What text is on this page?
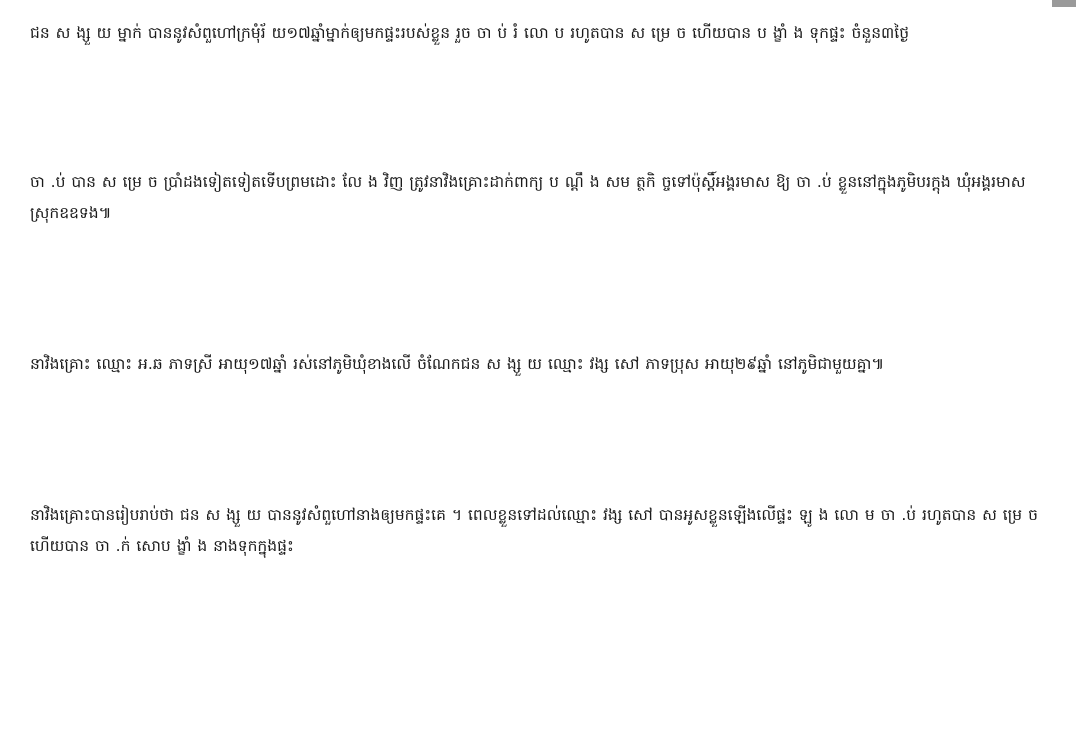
ជន ស ង្សួ យ ម្នាក់ បាននូវសំពួហៅក្រមុំរ័ យ១៧ឆ្នាំម្នាក់ឲ្យមកផ្ទះរបស់ខ្លួន រួច ចា ប់ រំ លោ ប រហូតបាន ស ម្រេ ច ហើយបាន ប ង្ខាំ ង ទុកផ្ទះ ចំនួន៣ថ្ងៃ

ចា .ប់ បាន ស ម្រេ ច ប្រាំដងទៀតទៀតទើបព្រមដោះ លែ ង វិញ ត្រូវនាវិងគ្រោះដាក់ពាក្យ ប ណ្តឹ ង សម ត្ថកិ ច្ចទៅប៉ុស្តិ៍អង្គរមាស ឱ្យ ចា .ប់ ខ្លួននៅក្នុងភូមិបរក្តុង ឃុំអង្គរមាស ស្រុកឧឧទង៕

នាវិងគ្រោះ ឈ្មោះ អ.ឆ ភាទស្រី អាយុ១៧ឆ្នាំ រស់នៅភូមិឃុំខាងលើ ចំណែកជន ស ង្សួ យ ឈ្មោះ វង្ស សៅ ភាទប្រុស អាយុ២៩ឆ្នាំ នៅភូមិជាមួយគ្នា៕

នាវិងគ្រោះបានរៀបរាប់ថា ជន ស ង្សួ យ បាននូវសំពួហៅនាងឲ្យមកផ្ទះគេ ។ ពេលខ្លួនទៅដល់ឈ្មោះ វង្ស សៅ បានអូសខ្លួនឡើងលើផ្ទះ ឡូ ង លោ ម ចា .ប់ រហូតបាន ស ម្រេ ច ហើយបាន ចា .ក់ សោប ង្ខាំ ង នាងទុកក្នុងផ្ទះ
